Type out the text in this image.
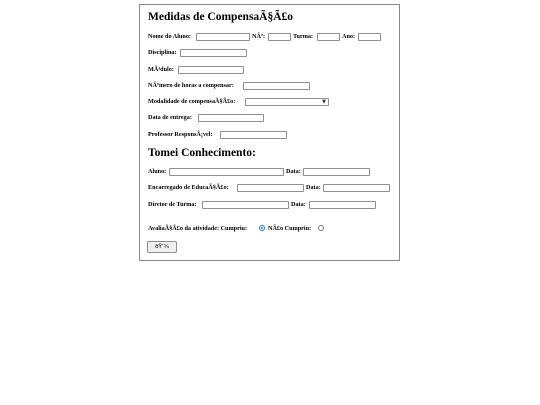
Medidas de CompensaÃ§Ã£o
Nome do Aluno:	NÂº:	Turma:	Ano:
Disciplina:
MÃ³dulo:
NÃºmero de horas a compensar:
Modalidade de compensaÃ§Ã£o:	▼
Data de entrega:
Professor ResponsÃ¡vel:
Tomei Conhecimento:
Aluno:	Data:
Encarregado de EducaÃ§Ã£o:	Data:
Diretor de Turma:	Data:
AvaliaÃ§Ã£o da atividade: Cumpriu:	NÃ£o Cumpriu:
ðŸ’¾
